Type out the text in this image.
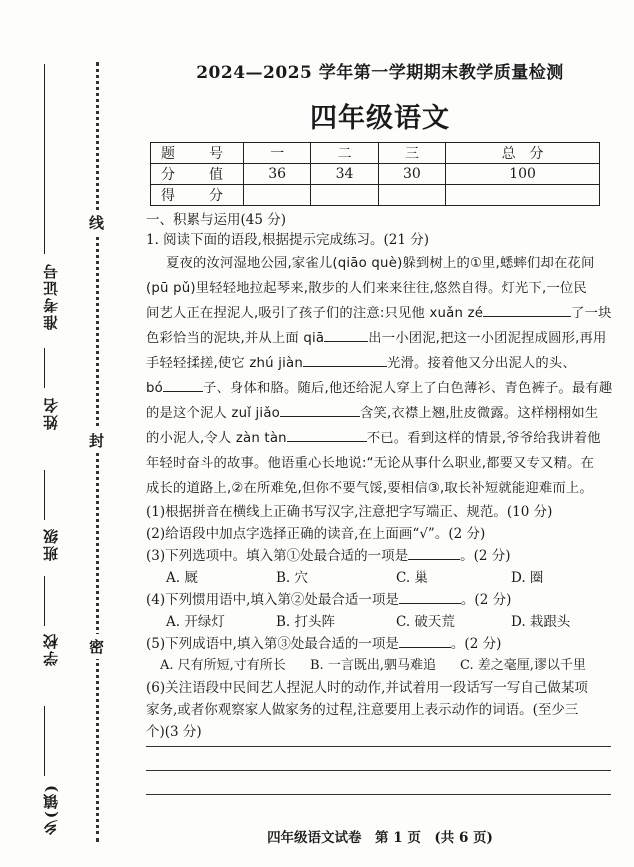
准考证号
姓名
班级
学校
乡(镇)
线
封
密
2024—2025 学年第一学期期末教学质量检测
四年级语文
题　号	一	二	三	总　分
分　值	36	34	30	100
得　分				
一、积累与运用(45 分)
1. 阅读下面的语段,根据提示完成练习。(21 分)
夏夜的汝河湿地公园,家雀儿(qiāo què)躲到树上的①里,蟋蟀们却在花间
(pū pǔ)里轻轻地拉起琴来,散步的人们来来往往,悠然自得。灯光下,一位民
间艺人正在捏泥人,吸引了孩子们的注意:只见他 xuǎn zé	了一块
色彩恰当的泥块,并从上面 qiā	出一小团泥,把这一小团泥捏成圆形,再用
手轻轻揉搓,使它 zhú jiàn	光滑。接着他又分出泥人的头、
bó	子、身体和胳。随后,他还给泥人穿上了白色薄衫、青色裤子。最有趣
的是这个泥人 zuǐ jiǎo	含笑,衣襟上翘,肚皮微露。这样栩栩如生
的小泥人,令人 zàn tàn	不已。看到这样的情景,爷爷给我讲着他
年轻时奋斗的故事。他语重心长地说:“无论从事什么职业,都要又专又精。在
成长的道路上,②在所难免,但你不要气馁,要相信③,取长补短就能迎难而上。
(1)根据拼音在横线上正确书写汉字,注意把字写端正、规范。(10 分)
(2)给语段中加点字选择正确的读音,在上面画“√”。(2 分)
(3)下列选项中。填入第①处最合适的一项是	。(2 分)
A. 厩	B. 穴	C. 巢	D. 圈
(4)下列惯用语中,填入第②处最合适一项是	。(2 分)
A. 开绿灯	B. 打头阵	C. 破天荒	D. 栽跟头
(5)下列成语中,填入第③处最合适的一项是	。(2 分)
A. 尺有所短,寸有所长 B. 一言既出,驷马难追 C. 差之毫厘,谬以千里
(6)关注语段中民间艺人捏泥人时的动作,并试着用一段话写一写自己做某项
家务,或者你观察家人做家务的过程,注意要用上表示动作的词语。(至少三
个)(3 分)
四年级语文试卷　第 1 页　(共 6 页)
